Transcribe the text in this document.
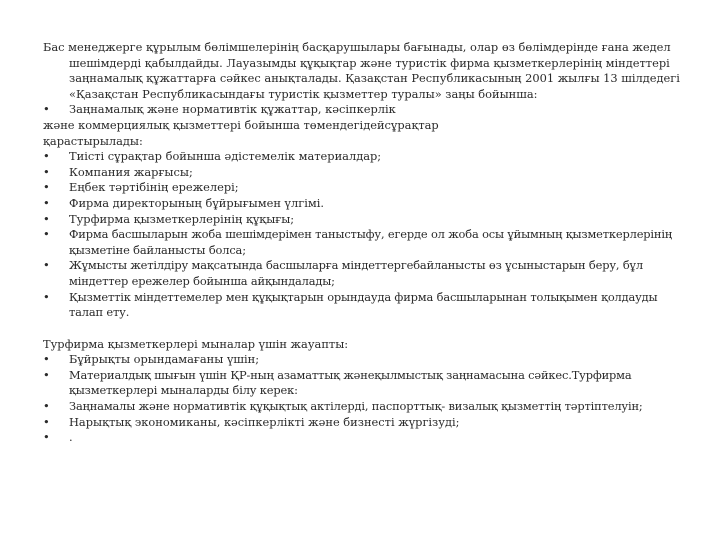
Бас менеджерге құрылым бөлімшелерінің басқарушылары бағынады, олар өз бөлімдерінде ғана жедел шешімдерді қабылдайды. Лауазымды құқықтар және туристік фирма қызметкерлерінің міндеттері заңнамалық құжаттарға сәйкес анықталады. Қазақстан Республикасының 2001 жылғы 13 шілдедегі «Қазақстан Республикасындағы туристік қызметтер туралы» заңы бойынша:
•	Заңнамалық және нормативтік құжаттар, кәсіпкерлік
және коммерциялық қызметтері бойынша төмендегідейсұрақтар
қарастырылады:
•	Тиісті сұрақтар бойынша әдістемелік материалдар;
•	Компания жарғысы;
•	Еңбек тәртібінің ережелері;
•	Фирма директорының бұйрығымен үлгімі.
•	Турфирма қызметкерлерінің құқығы;
•	Фирма басшыларын жоба шешімдерімен таныстыфу, егерде ол жоба осы ұйымның қызметкерлерінің қызметіне байланысты болса;
•	Жұмысты жетілдіру мақсатында басшыларға міндеттергебайланысты өз ұсыныстарын беру, бұл міндеттер ережелер бойынша айқындалады;
•	Қызметтік міндеттемелер мен құқықтарын орындауда фирма басшыларынан толықымен қолдауды талап ету.
Турфирма қызметкерлері мыналар үшін жауапты:
•	Бұйрықты орындамағаны үшін;
•	Материалдық шығын үшін ҚР-ның азаматтық жәнеқылмыстық заңнамасына сәйкес.Турфирма қызметкерлері мыналарды білу керек:
•	Заңнамалы және нормативтік құқықтық актілерді, паспорттық- визалық қызметтің тәртіптелуін;
•	Нарықтық экономиканы, кәсіпкерлікті және бизнесті жүргізуді;
•	.
